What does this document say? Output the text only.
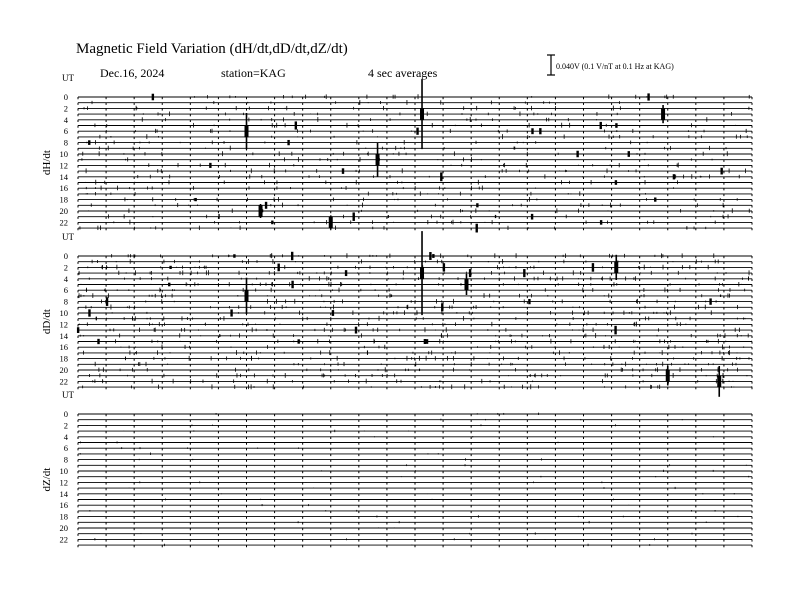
Magnetic Field Variation (dH/dt,dD/dt,dZ/dt)
Dec.16, 2024	station=KAG	4 sec averages	0.040V (0.1 V/nT at 0.1 Hz at KAG)
UT
dH/dt
0
2
4
6
8
10
12
14
16
18
20
22
UT
dD/dt
0
2
4
6
8
10
12
14
16
18
20
22
UT
dZ/dt
0
2
4
6
8
10
12
14
16
18
20
22
